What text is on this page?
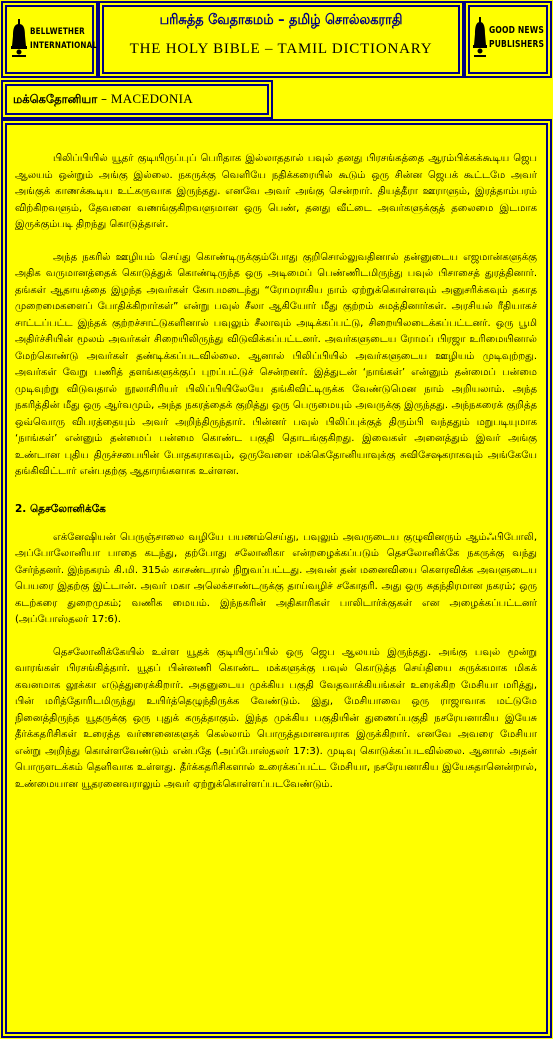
BELLWETHER
INTERNATIONAL
பரிசுத்த வேதாகமம் – தமிழ் சொல்லகராதி
THE HOLY BIBLE – TAMIL DICTIONARY
GOOD NEWS
PUBLISHERS
மக்கெதோனியா – MACEDONIA

பிலிப்பியில் யூதர் குடியிருப்புப் பெரிதாக இல்லாததால் பவுல் தனது பிரசங்கத்தை ஆரம்பிக்கக்கூடிய ஜெப ஆலயம் ஒன்றும் அங்கு இல்லை. நகருக்கு வெளியே நதிக்கரையில் கூடும் ஒரு சின்ன ஜெபக் கூட்டமே அவர் அங்குக் காணக்கூடிய உட்கருவாக இருந்தது. எனவே அவர் அங்கு சென்றார். தியத்தீரா ஊராளும், இரத்தாம்பரம் விற்கிறவளும், தேவனை வணங்குகிறவளுமான ஒரு பெண், தனது வீட்டை அவர்களுக்குத் தலைமை இடமாக இருக்கும்படி திறந்து கொடுத்தாள்.

அந்த நகரில் ஊழியம் செய்து கொண்டிருக்கும்போது குறிசொல்லுவதினால் தன்னுடைய எஜமான்களுக்கு அதிக வருமானத்தைக் கொடுத்துக் கொண்டிருந்த ஒரு அடிமைப் பெண்ணிடமிருந்து பவுல் பிசாசைத் துரத்தினார். தங்கள் ஆதாயத்தை இழந்த அவர்கள் கோபமடைந்து “ரோமராகிய நாம் ஏற்றுக்கொள்ளவும் அனுசரிக்கவும் தகாத முறைமைகளைப் போதிக்கிறார்கள்” என்று பவுல் சீலா ஆகியோர் மீது குற்றம் சுமத்தினார்கள். அரசியல் ரீதியாகச் சாட்டப்பட்ட இந்தக் குற்றச்சாட்டுகளினால் பவுலும் சீலாவும் அடிக்கப்பட்டு, சிறையிலடைக்கப்பட்டனர். ஒரு பூமி அதிர்ச்சியின் மூலம் அவர்கள் சிறையிலிருந்து விடுவிக்கப்பட்டனர். அவர்களுடைய ரோமப் பிரஜா உரிமையினால் மேற்கொண்டு அவர்கள் தண்டிக்கப்படவில்லை. ஆனால் பிலிப்பியில் அவர்களுடைய ஊழியம் முடிவுற்றது. அவர்கள் வேறு பணித் தளங்களுக்குப் புறப்பட்டுச் சென்றனர். இத்துடன் ‘நாங்கள்’ என்னும் தன்மைப் பன்மை முடிவுற்று விடுவதால் நூலாசிரியர் பிலிப்பியிலேயே தங்கிவிட்டிருக்க வேண்டுமென நாம் அறியலாம். அந்த நகரித்தின் மீது ஒரு ஆர்வமும், அந்த நகரத்தைக் குறித்து ஒரு பெருமையும் அவருக்கு இருந்தது. அந்நகரைக் குறித்த ஒவ்வொரு விபரத்தையும் அவர் அறிந்திருந்தார். பின்னர் பவுல் பிலிப்புக்குத் திரும்பி வந்ததும் மறுபடியுமாக ‘நாங்கள்’ என்னும் தன்மைப் பன்மை கொண்ட பகுதி தொடங்குகிறது. இவைகள் அனைத்தும் இவர் அங்கு உண்டான புதிய திருச்சபையின் போதகராகவும், ஒருவேளை மக்கெதோனியாவுக்கு சுவிசேஷகராகவும் அங்கேயே தங்கிவிட்டார் என்பதற்கு ஆதாரங்களாக உள்ளன.

2. தெசலோனிக்கே

எக்னேஷியன் பெருஞ்சாலை வழியே பயணம்செய்து, பவுலும் அவருடைய குழுவினரும் ஆம்ஃபிபோலி, அப்போலோனியா பாதை கடந்து, தற்போது சலோனிகா என்றழைக்கப்படும் தெசலோனிக்கே நகருக்கு வந்து சேர்ந்தனர். இந்நகரம் கி.மி. 315ல் காசண்டரால் நிறுவப்பட்டது. அவன் தன் மனைவியை கௌரவிக்க அவளுடைய பெயரை இதற்கு இட்டான். அவர் மகா அலெக்சாண்டருக்கு தாய்வழிச் சகோதரி. அது ஒரு சுதந்திரமான நகரம்; ஒரு கடற்கரை துறைமுகம்; வணிக மையம். இந்நகரின் அதிகாரிகள் பாலிடார்க்குகள் என அழைக்கப்பட்டனர் (அப்போஸ்தலர் 17:6).

தெசலோனிக்கேயில் உள்ள யூதக் குடியிருப்பில் ஒரு ஜெப ஆலயம் இருந்தது. அங்கு பவுல் மூன்று வாரங்கள் பிரசங்கித்தார். யூதப் பின்னணி கொண்ட மக்களுக்கு பவுல் கொடுத்த செய்தியை சுருக்கமாக மிகக் கவனமாக லூக்கா எடுத்துரைக்கிறார். அதனுடைய முக்கிய பகுதி வேதவாக்கியங்கள் உரைக்கிற மேசியா மரித்து, பின் மரித்தோரிடமிருந்து உயிர்த்தெழுந்திருக்க வேண்டும். இது, மேசியாவை ஒரு ராஜாவாக மட்டுமே நினைத்திருந்த யூதருக்கு ஒரு புதுக் கருத்தாகும். இந்த முக்கிய பகுதியின் துணைப்பகுதி நசரேயனாகிய இயேசு தீர்க்கதரிசிகள் உரைத்த வர்ணனைகளுக் கெல்லாம் பொருத்தமானவராக இருக்கிறார். எனவே அவரை மேசியா என்று அறிந்து கொள்ளவேண்டும் என்பதே (அப்போஸ்தலர் 17:3). முடிவு கொடுக்கப்படவில்லை. ஆனால் அதன் பொருளடக்கம் தெளிவாக உள்ளது. தீர்க்கதரிசிகளால் உரைக்கப்பட்ட மேசியா, நசரேயனாகிய இயேசுதானென்றால், உண்மையான யூதரனைவராலும் அவர் ஏற்றுக்கொள்ளப்படவேண்டும்.
